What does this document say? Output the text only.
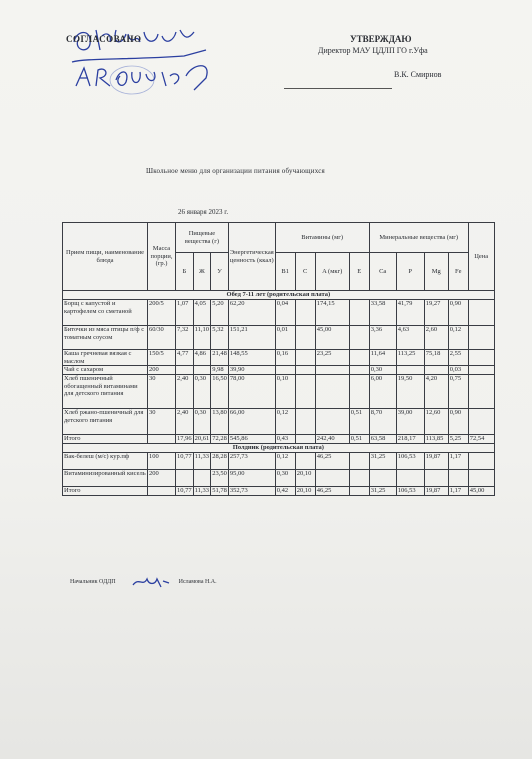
СОГЛАСОВАНО	УТВЕРЖДАЮ
Директор МАУ ЦДЛП ГО г.Уфа
В.К. Смирнов
Школьное меню для организации питания обучающихся
26 января 2023 г.
Прием пищи, наименование блюда	Масса порции, (гр.)	Пищевые вещества (г)			Энергетическая ценность (ккал)	Витамины (мг)				Минеральные вещества (мг)				Цена
		Б	Ж	У		B1	C	A (мкг)	E	Ca	P	Mg	Fe	
Обед 7-11 лет (родительская плата)														
Борщ с капустой и картофелем со сметаной	200/5	1,07	4,05	5,20	62,20	0,04		174,15		33,58	41,79	19,27	0,90	
Биточки из мяса птицы п/ф с томатным соусом	60/30	7,32	11,10	5,32	151,21	0,01		45,00		3,36	4,63	2,60	0,12	
Каша гречневая вязкая с маслом	150/5	4,77	4,86	21,48	148,55	0,16		23,25		11,64	113,25	75,18	2,55	
Чай с сахаром	200			9,98	39,90					0,30			0,03	
Хлеб пшеничный обогащенный витаминами для детского питания	30	2,40	0,30	16,50	78,00	0,10				6,00	19,50	4,20	0,75	
Хлеб ржано-пшеничный для детского питания	30	2,40	0,30	13,80	66,00	0,12			0,51	8,70	39,00	12,60	0,90	
Итого		17,96	20,61	72,28	545,86	0,43		242,40	0,51	63,58	218,17	113,85	5,25	72,54
Полдник (родительская плата)														
Вак-белеш (м/с) кур.пф	100	10,77	11,33	28,28	257,73	0,12		46,25		31,25	106,53	19,87	1,17	
Витаминизированный кисель	200			23,50	95,00	0,30	20,10							
Итого		10,77	11,33	51,78	352,73	0,42	20,10	46,25		31,25	106,53	19,87	1,17	45,00
Начальник ОДДП	Исламова Н.А.
